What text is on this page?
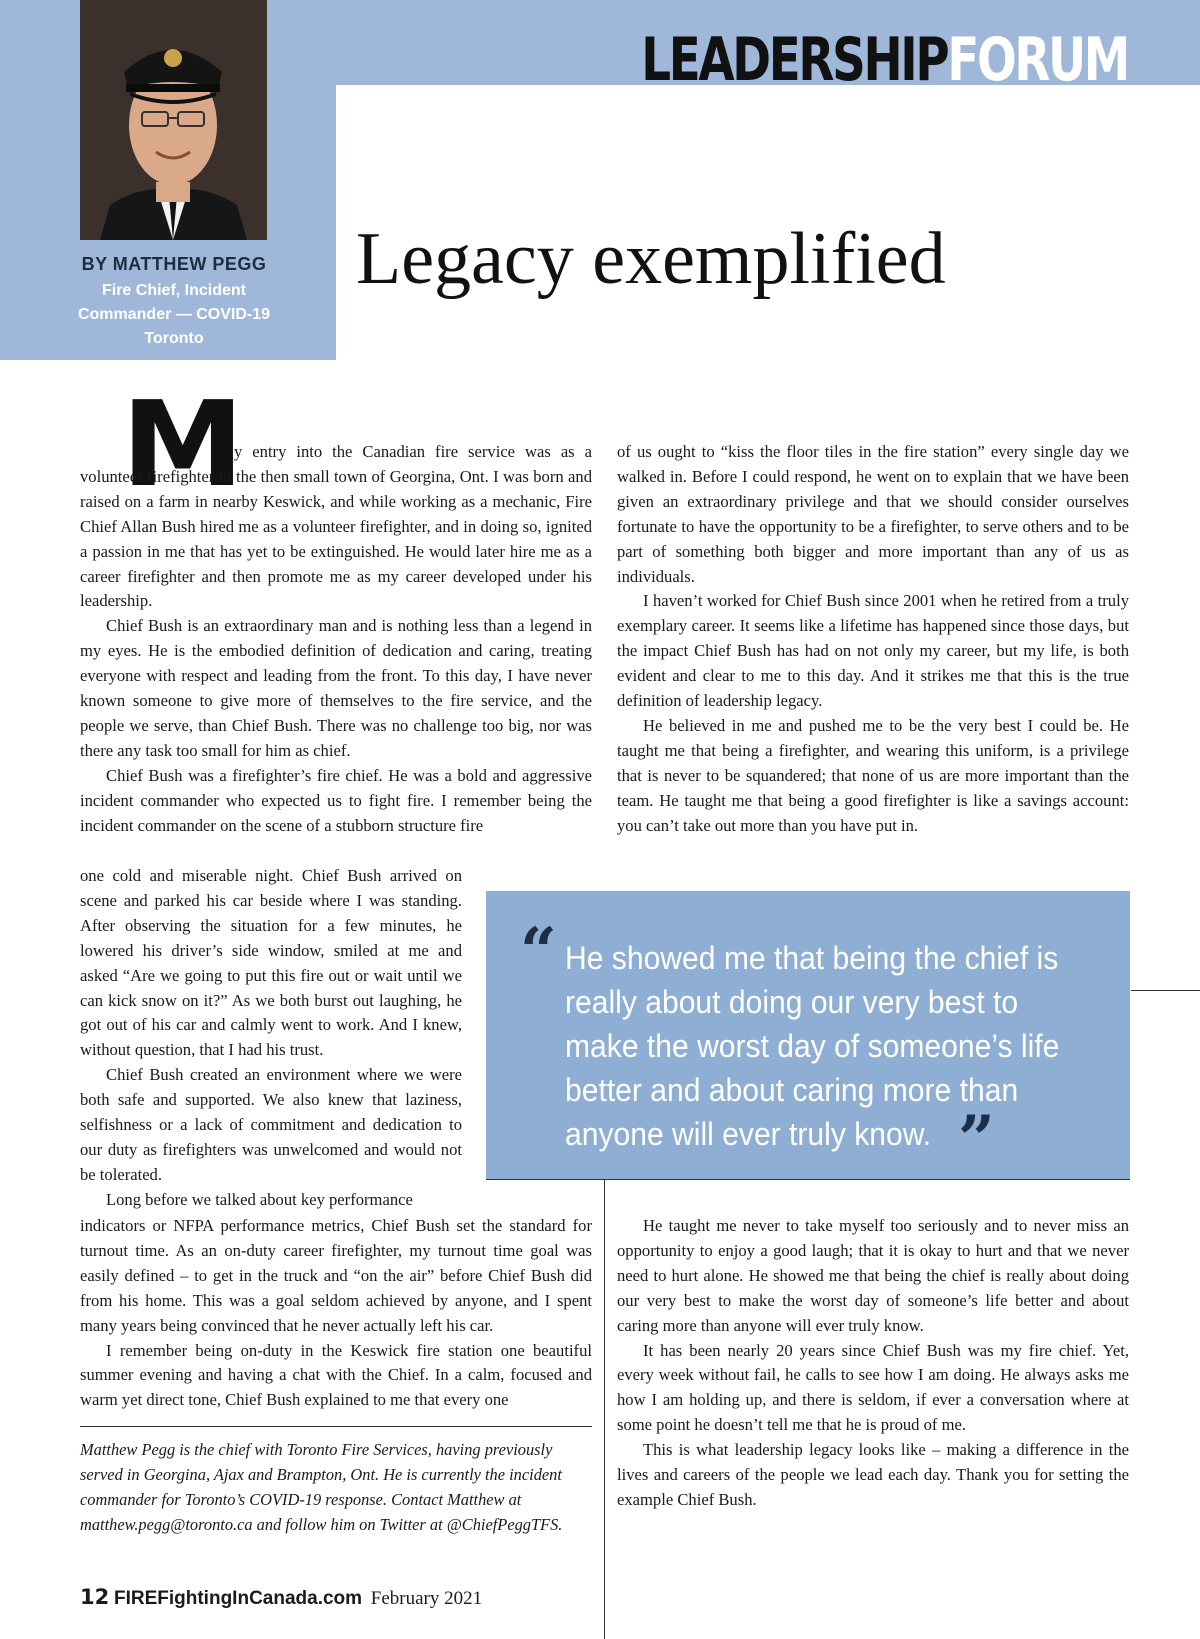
LEADERSHIPFORUM
BY MATTHEW PEGG
Fire Chief, Incident
Commander — COVID-19
Toronto
Legacy exemplified
M

y entry into the Canadian fire service was as a volunteer firefighter in the then small town of Georgina, Ont. I was born and raised on a farm in nearby Keswick, and while working as a mechanic, Fire Chief Allan Bush hired me as a volunteer firefighter, and in doing so, ignited a passion in me that has yet to be extinguished. He would later hire me as a career firefighter and then promote me as my career developed under his leadership.

Chief Bush is an extraordinary man and is nothing less than a legend in my eyes. He is the embodied definition of dedication and caring, treating everyone with respect and leading from the front. To this day, I have never known someone to give more of themselves to the fire service, and the people we serve, than Chief Bush. There was no challenge too big, nor was there any task too small for him as chief.

Chief Bush was a firefighter’s fire chief. He was a bold and aggressive incident commander who expected us to fight fire. I remember being the incident commander on the scene of a stubborn structure fire

one cold and miserable night. Chief Bush arrived on scene and parked his car beside where I was standing. After observing the situation for a few minutes, he lowered his driver’s side window, smiled at me and asked “Are we going to put this fire out or wait until we can kick snow on it?” As we both burst out laughing, he got out of his car and calmly went to work. And I knew, without question, that I had his trust.

Chief Bush created an environment where we were both safe and supported. We also knew that laziness, selfishness or a lack of commitment and dedication to our duty as firefighters was unwelcomed and would not be tolerated.

Long before we talked about key performance

indicators or NFPA performance metrics, Chief Bush set the standard for turnout time. As an on-duty career firefighter, my turnout time goal was easily defined – to get in the truck and “on the air” before Chief Bush did from his home. This was a goal seldom achieved by anyone, and I spent many years being convinced that he never actually left his car.

I remember being on-duty in the Keswick fire station one beautiful summer evening and having a chat with the Chief. In a calm, focused and warm yet direct tone, Chief Bush explained to me that every one

of us ought to “kiss the floor tiles in the fire station” every single day we walked in. Before I could respond, he went on to explain that we have been given an extraordinary privilege and that we should consider ourselves fortunate to have the opportunity to be a firefighter, to serve others and to be part of something both bigger and more important than any of us as individuals.

I haven’t worked for Chief Bush since 2001 when he retired from a truly exemplary career. It seems like a lifetime has happened since those days, but the impact Chief Bush has had on not only my career, but my life, is both evident and clear to me to this day. And it strikes me that this is the true definition of leadership legacy.

He believed in me and pushed me to be the very best I could be. He taught me that being a firefighter, and wearing this uniform, is a privilege that is never to be squandered; that none of us are more important than the team. He taught me that being a good firefighter is like a savings account: you can’t take out more than you have put in.

“ He showed me that being the chief is really about doing our very best to make the worst day of someone’s life better and about caring more than anyone will ever truly know. ”

He taught me never to take myself too seriously and to never miss an opportunity to enjoy a good laugh; that it is okay to hurt and that we never need to hurt alone. He showed me that being the chief is really about doing our very best to make the worst day of someone’s life better and about caring more than anyone will ever truly know.

It has been nearly 20 years since Chief Bush was my fire chief. Yet, every week without fail, he calls to see how I am doing. He always asks me how I am holding up, and there is seldom, if ever a conversation where at some point he doesn’t tell me that he is proud of me.

This is what leadership legacy looks like – making a difference in the lives and careers of the people we lead each day. Thank you for setting the example Chief Bush.

Matthew Pegg is the chief with Toronto Fire Services, having previously served in Georgina, Ajax and Brampton, Ont. He is currently the incident commander for Toronto’s COVID-19 response. Contact Matthew at matthew.pegg@toronto.ca and follow him on Twitter at @ChiefPeggTFS.
12 FIREFightingInCanada.com February 2021
